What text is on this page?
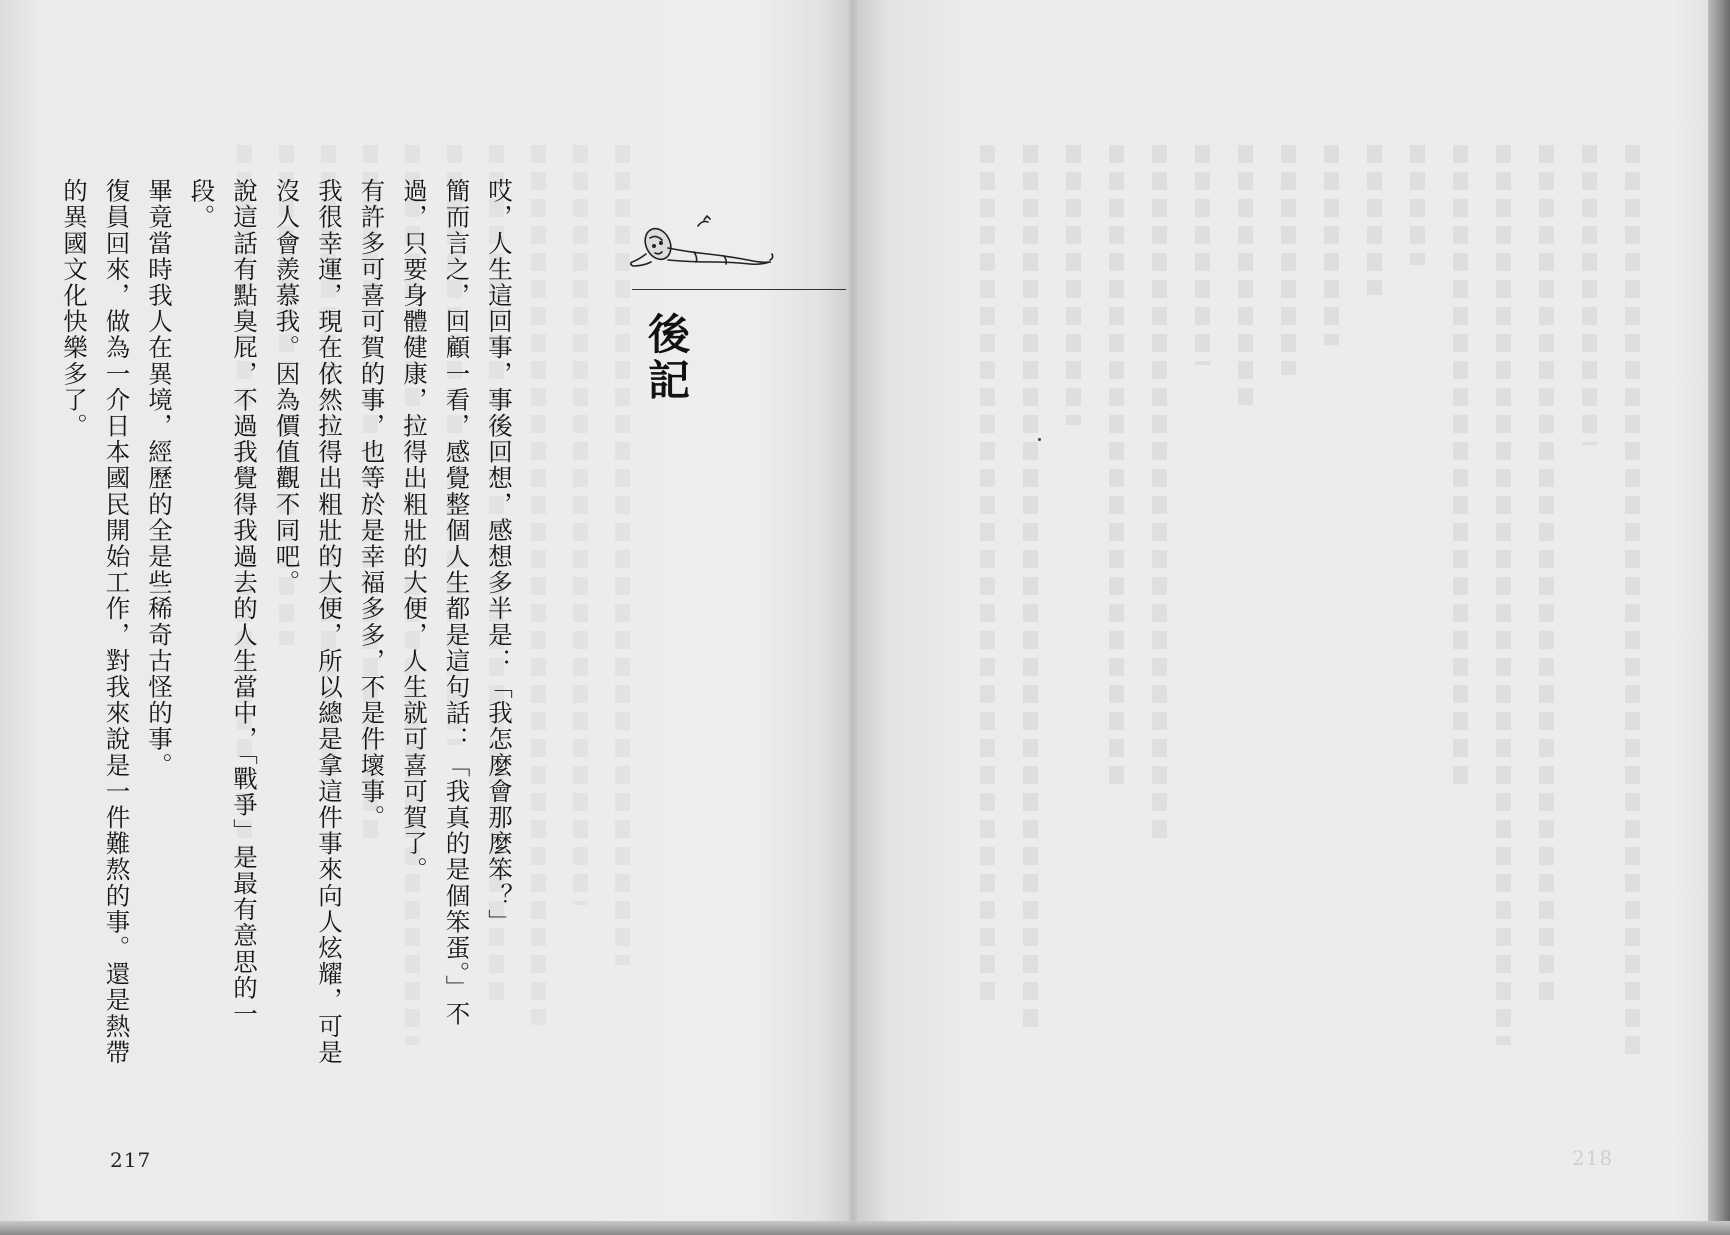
哎，人生這回事，事後回想，感想多半是：「我怎麼會那麼笨？」

簡而言之，回顧一看，感覺整個人生都是這句話：「我真的是個笨蛋。」不過，只要身體健康，拉得出粗壯的大便，人生就可喜可賀了。

有許多可喜可賀的事，也等於是幸福多多，不是件壞事。

我很幸運，現在依然拉得出粗壯的大便，所以總是拿這件事來向人炫耀，可是沒人會羨慕我。因為價值觀不同吧。

說這話有點臭屁，不過我覺得我過去的人生當中，「戰爭」是最有意思的一段。

畢竟當時我人在異境，經歷的全是些稀奇古怪的事。

復員回來，做為一介日本國民開始工作，對我來說是一件難熬的事。還是熱帶的異國文化快樂多了。	後記
217	218
